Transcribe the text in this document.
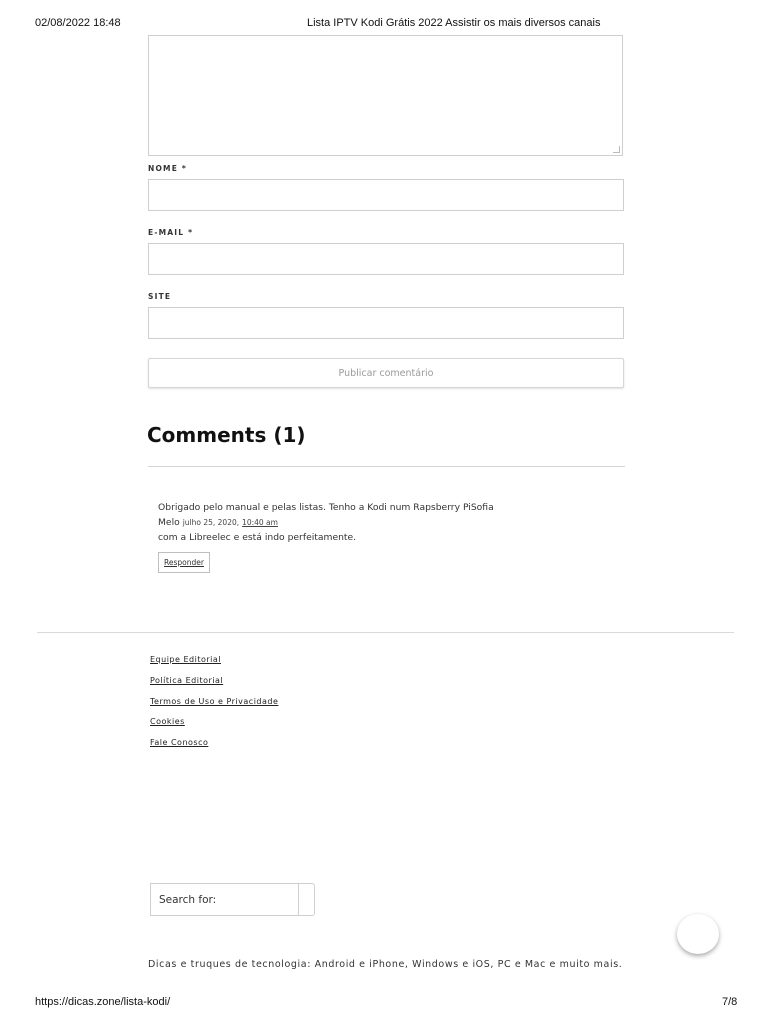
02/08/2022 18:48	Lista IPTV Kodi Grátis 2022 Assistir os mais diversos canais
NOME *
E-MAIL *
SITE
Publicar comentário
Comments (1)
Obrigado pelo manual e pelas listas. Tenho a Kodi num Rapsberry PiSofia Melo julho 25, 2020, 10:40 am
com a Libreelec e está indo perfeitamente.
Responder
Equipe Editorial
Política Editorial
Termos de Uso e Privacidade
Cookies
Fale Conosco
Search for:
Dicas e truques de tecnologia: Android e iPhone, Windows e iOS, PC e Mac e muito mais.
https://dicas.zone/lista-kodi/	7/8
